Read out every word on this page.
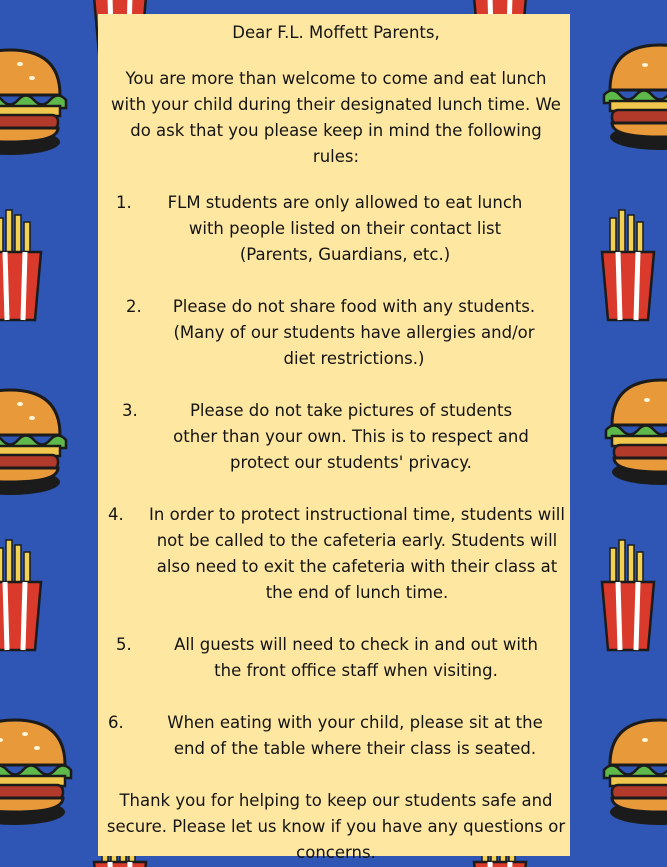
Dear F.L. Moffett Parents,
You are more than welcome to come and eat lunch with your child during their designated lunch time. We do ask that you please keep in mind the following rules:
1.	FLM students are only allowed to eat lunch with people listed on their contact list (Parents, Guardians, etc.)
2.	Please do not share food with any students. (Many of our students have allergies and/or diet restrictions.)
3.	Please do not take pictures of students other than your own. This is to respect and protect our students' privacy.
4.	In order to protect instructional time, students will not be called to the cafeteria early. Students will also need to exit the cafeteria with their class at the end of lunch time.
5.	All guests will need to check in and out with the front office staff when visiting.
6.	When eating with your child, please sit at the end of the table where their class is seated.
Thank you for helping to keep our students safe and secure. Please let us know if you have any questions or concerns.
